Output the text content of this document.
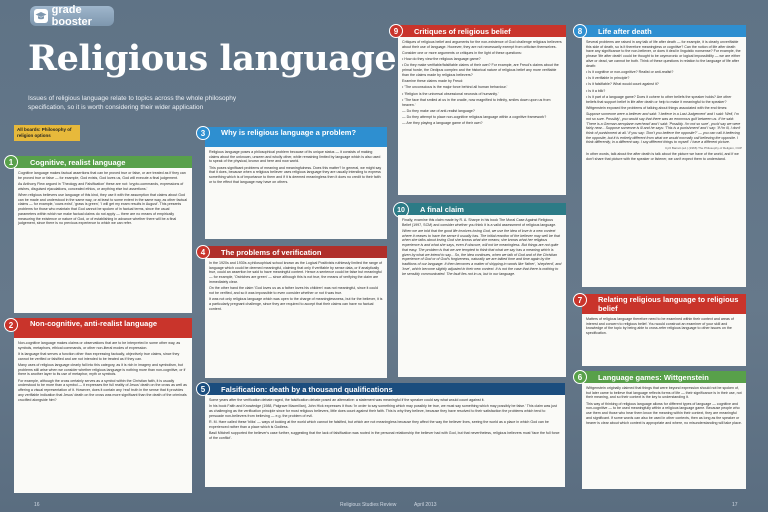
grade booster
Religious language

Issues of religious language relate to topics across the whole philosophy specification, so it is worth considering their wider application

All boards: Philosophy of religion options
Cognitive, realist language
1

Cognitive language makes factual assertions that can be proved true or false, or are treated as if they can be proved true or false — for example, God exists, God loves us, God will execute a final judgement.

As Anthony Flew argued in 'Theology and Falsification' these are not: 'crypto-commands, expressions of wishes, disguised ejaculations, concealed ethics, or anything else but assertions.'

When religious believers use language of this kind, they use it with the assumption that claims about God can be made and understood in the same way, or at least to some extent in the same way, as other factual claims — for example, 'cows exist', 'grass is green', 'I will get my exam results in August'. This presents problems for those who maintain that God cannot be spoken of in factual terms, since the usual parameters within which we make factual claims do not apply — there are no means of empirically measuring the existence or nature of God, or of establishing in advance whether there will be a final judgement, since there is no previous experience to which we can refer.

Non-cognitive, anti-realist language
2

Non-cognitive language makes claims or observations that are to be interpreted in some other way, as symbols, metaphors, ethical commands, or other non-literal modes of expression.

It is language that serves a function other than expressing factually, objectively true claims, since they cannot be verified or falsified and are not intended to be treated as if they can.

Many uses of religious language clearly fall into this category, as it is rich in imagery and symbolism, but problems still arise when we consider whether religious language is nothing more than non-cognitive, or if there is another layer to its use of metaphor, myth or symbols.

For example, although the cross certainly serves as a symbol within the Christian faith, it is usually understood to be more than a symbol — it expresses the full reality of Jesus' death on the cross as well as offering a visual representation of it. However, does it contain any 'real' truth in the sense that it provides any verifiable indication that Jesus' death on the cross was more significant than the death of the criminals crucified alongside him?

Why is religious language a problem?
3

Religious language poses a philosophical problem because of its unique status — it consists of making claims about the unknown, unseen and wholly other, while remaining limited by language which is also used to speak of the physical, known and here and now world.

This poses significant problems of meaning and meaningfulness. Does this matter? In general, we might say that it does, because when a religious believer uses religious language they are usually intending to express something which is of importance to them and if it is deemed meaningless then it does no credit to their faith or to the effect that language may have on others.

The problems of verification
4

In the 1920s and 1930s a philosophical school known as the Logical Positivists ruthlessly limited the range of language which could be deemed meaningful, claiming that only if verifiable by sense data, or if analytically true, could an assertion be said to have meaningful content. Hence a sentence could be false but meaningful — for example, 'Ostriches are green' — since although this is not true, the means of verifying the claim are immediately clear.

On the other hand the claim 'God loves us as a father loves his children' was not meaningful, since it could not be verified, and so it was impossible to even consider whether or not it was true.

It was not only religious language which was open to the charge of meaninglessness, but for the believer, it is a particularly pregnant challenge, since they are required to accept that their claims can have no factual content.

Falsification: death by a thousand qualifications
5

Some years after the verification debate raged, the falsification debate posed an alternative: a statement was meaningful if the speaker could say what would count against it.

In his book Faith and Knowledge (1988, Palgrave Macmillan), John Hick expresses it thus: 'In order to say something which may possibly be true, we must say something which may possibly be false.' This claim was just as challenging as the verification principle since for most religious believers, little does count against their faith. This is why they believe, because they have resolved to their satisfaction the problems which tend to persuade non-believers from believing — e.g. the problem of evil.

R. M. Hare called these 'bliks' — ways of looking at the world which cannot be falsified, but which are not meaningless because they affect the way the believer lives, seeing the world as a place in which God can be experienced rather than a place which is Godless.

Basil Mitchell supported the believer's case further, suggesting that the lack of falsification was rooted in the personal relationship the believer had with God, but that nevertheless, religious believers must 'face the full force of the conflict'.

Critiques of religious belief
9

Critiques of religious belief and arguments for the non-existence of God challenge religious believers about their use of language. However, they are not necessarily exempt from criticism themselves.

Consider one or more arguments or critiques in the light of these questions:

• How do they view the religious language game?

• Do they make verifiable/falsifiable claims of their own? For example, are Freud's claims about the primal horde, the Oedipus complex and the historical nature of religious belief any more verifiable than the claims made by religious believers?

Examine these claims made by Freud:

• 'The unconscious is the major force behind all human behaviour.'

• 'Religion is the universal obsessional neurosis of humanity.'

• 'The face that smiled at us in the cradle, now magnified to infinity, smiles down upon us from heaven.'

— Do they make use of anti-realist language?

— Do they attempt to place non-cognitive religious language within a cognitive framework?

— Are they playing a language game of their own?

A final claim
10

Finally, examine this claim made by R. A. Sharpe in his book The Moral Case Against Religious Belief (1997, SCM) and consider whether you think it is a valid assessment of religious language.

When we are told that the good life involves loving God, we use the idea of love in a new context where it ceases to have the sense it usually has. The initial reaction of the believer may well be that when she talks about loving God she knows what she means; she knows what her religious experience is and what she says, even if obscure, will not be meaningless. But things are not quite that easy. The problem is that we are tempted to think that what we say has a meaning which is given by what we intend to say... So, the idea continues, when we talk of God and of the Christian experience of God or of God's forgiveness, naturally we are talked time and time again by the traditions of our language. It then becomes a matter of shipping in words like 'father', 'shepherd', and 'love', which become slightly adjusted in their new context. It is not the case that there is nothing to be sensibly communicated. The fault lies not in us, but in our language.

Life after death
8

Several problems are raised in any talk of life after death — for example, it is clearly unverifiable this side of death, so is it therefore meaningless or cognitive? Can the notion of life after death have any significance to the non-believer, or does it deal in linguistic nonsense? For example, the phrase 'life after death' could be thought to be oxymoronic or logical impossibility — we are either alive or dead, we cannot be both. Think of these questions in relation to the language of life after death:

• Is it cognitive or non-cognitive? Realist or anti-realist?

• Is it verifiable in principle?

• Is it falsifiable? What would count against it?

• Is it a blik?

• Is it part of a language game? Does it cohere to other beliefs the speaker holds? Are other beliefs that support belief in life after death or help to make it meaningful to the speaker?

Wittgenstein exposed the problems of talking about things associated with the end times:

Suppose someone were a believer and said: 'I believe in a Last Judgement' and I said: 'Well, I'm not so sure. Possibly', you would say that there was an enormous gulf between us. If he said: 'There is a German aeroplane overhead' and I said: 'Possibly. I'm not so sure', you'd say we were fairly near... Suppose someone is ill and he says: 'This is a punishment' and I say: 'If I'm ill, I don't think of punishment at all.' If you say: 'Don't you believe the opposite?' — you can call it believing the opposite, but it is entirely different from what we would normally call believing the opposite. I think differently, in a different way. I say different things to myself. I have a different picture.

Cyril Barrett (ed.) (1966) The Philosophy of Religion, OUP

In other words, talk about the after death is talk about the picture we have of the world, and if we don't share that picture with the speaker or listener, we can't expect them to understand.

Relating religious language to religious belief
7

Matters of religious language therefore need to be examined within their context and areas of interest and concern to religious belief. You would construct an examiner of your skill and knowledge of the topic by being able to cross-refer religious language to other issues on the specification.

Language games: Wittgenstein
6

Wittgenstein originally claimed that things that were beyond expression should not be spoken of, but later came to believe that language reflects forms of life — their significance is in their use, not their meaning, and so their context is the key to understanding it.

This way of thinking of religious language allows for different types of language — cognitive and non-cognitive — to be used meaningfully within a religious language game. Because people who use them and those who hear them know the meaning within their context, they are meaningful and significant. If some words can also be used in other contexts, then as long as the speaker or hearer is clear about which context is appropriate and where, no misunderstanding will take place.

16	Religious Studies Review	April 2013	17
